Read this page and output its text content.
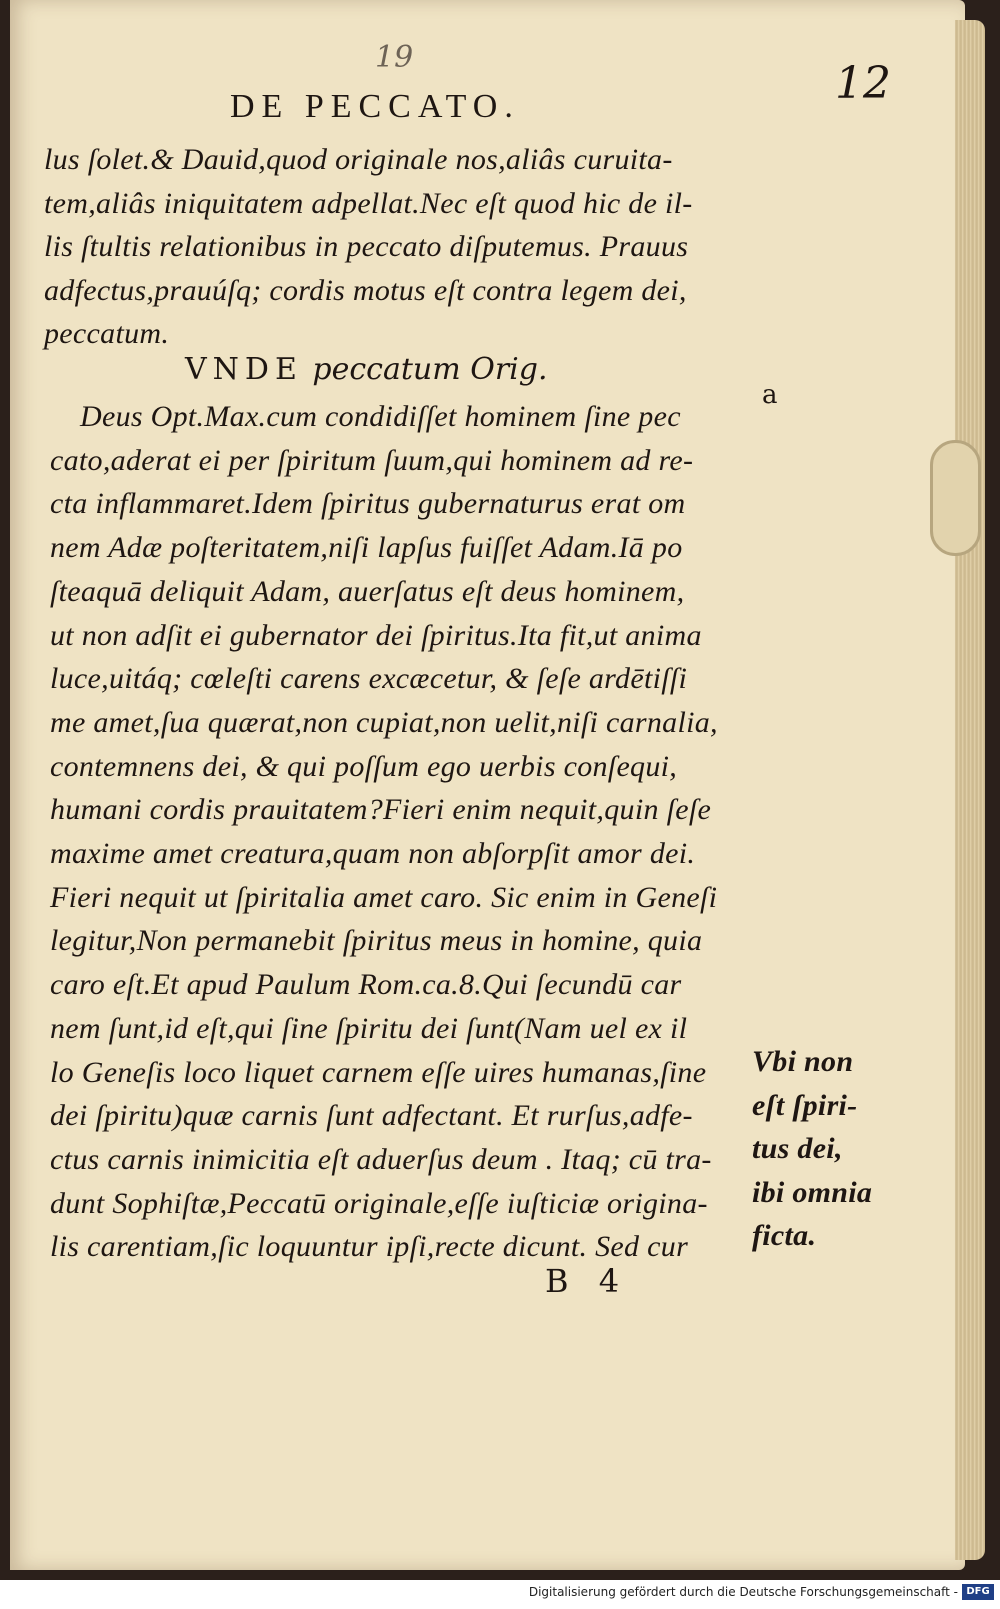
19
12
DE PECCATO.
lus ſolet.& Dauid,quod originale nos,aliâs curuita-
tem,aliâs iniquitatem adpellat.Nec eſt quod hic de il-
lis ſtultis relationibus in peccato diſputemus. Prauus
adfectus,prauúſq; cordis motus eſt contra legem dei,
peccatum.
VNDE peccatum Orig.
a
Deus Opt.Max.cum condidiſſet hominem ſine pec
cato,aderat ei per ſpiritum ſuum,qui hominem ad re-
cta inflammaret.Idem ſpiritus gubernaturus erat om
nem Adæ poſteritatem,niſi lapſus fuiſſet Adam.Iā po
ſteaquā deliquit Adam, auerſatus eſt deus hominem,
ut non adſit ei gubernator dei ſpiritus.Ita fit,ut anima
luce,uitáq; cœleſti carens excæcetur, & ſeſe ardētiſſi
me amet,ſua quærat,non cupiat,non uelit,niſi carnalia,
contemnens dei, & qui poſſum ego uerbis conſequi,
humani cordis prauitatem?Fieri enim nequit,quin ſeſe
maxime amet creatura,quam non abſorpſit amor dei.
Fieri nequit ut ſpiritalia amet caro. Sic enim in Geneſi
legitur,Non permanebit ſpiritus meus in homine, quia
caro eſt.Et apud Paulum Rom.ca.8.Qui ſecundū car
nem ſunt,id eſt,qui ſine ſpiritu dei ſunt(Nam uel ex il
lo Geneſis loco liquet carnem eſſe uires humanas,ſine
dei ſpiritu)quæ carnis ſunt adfectant. Et rurſus,adfe-
ctus carnis inimicitia eſt aduerſus deum . Itaq; cū tra-
dunt Sophiſtæ,Peccatū originale,eſſe iuſticiæ origina-
lis carentiam,ſic loquuntur ipſi,recte dicunt. Sed cur
Vbi non
eſt ſpiri-
tus dei,
ibi omnia
ficta.
B 4
Digitalisierung gefördert durch die Deutsche Forschungsgemeinschaft - DFG
